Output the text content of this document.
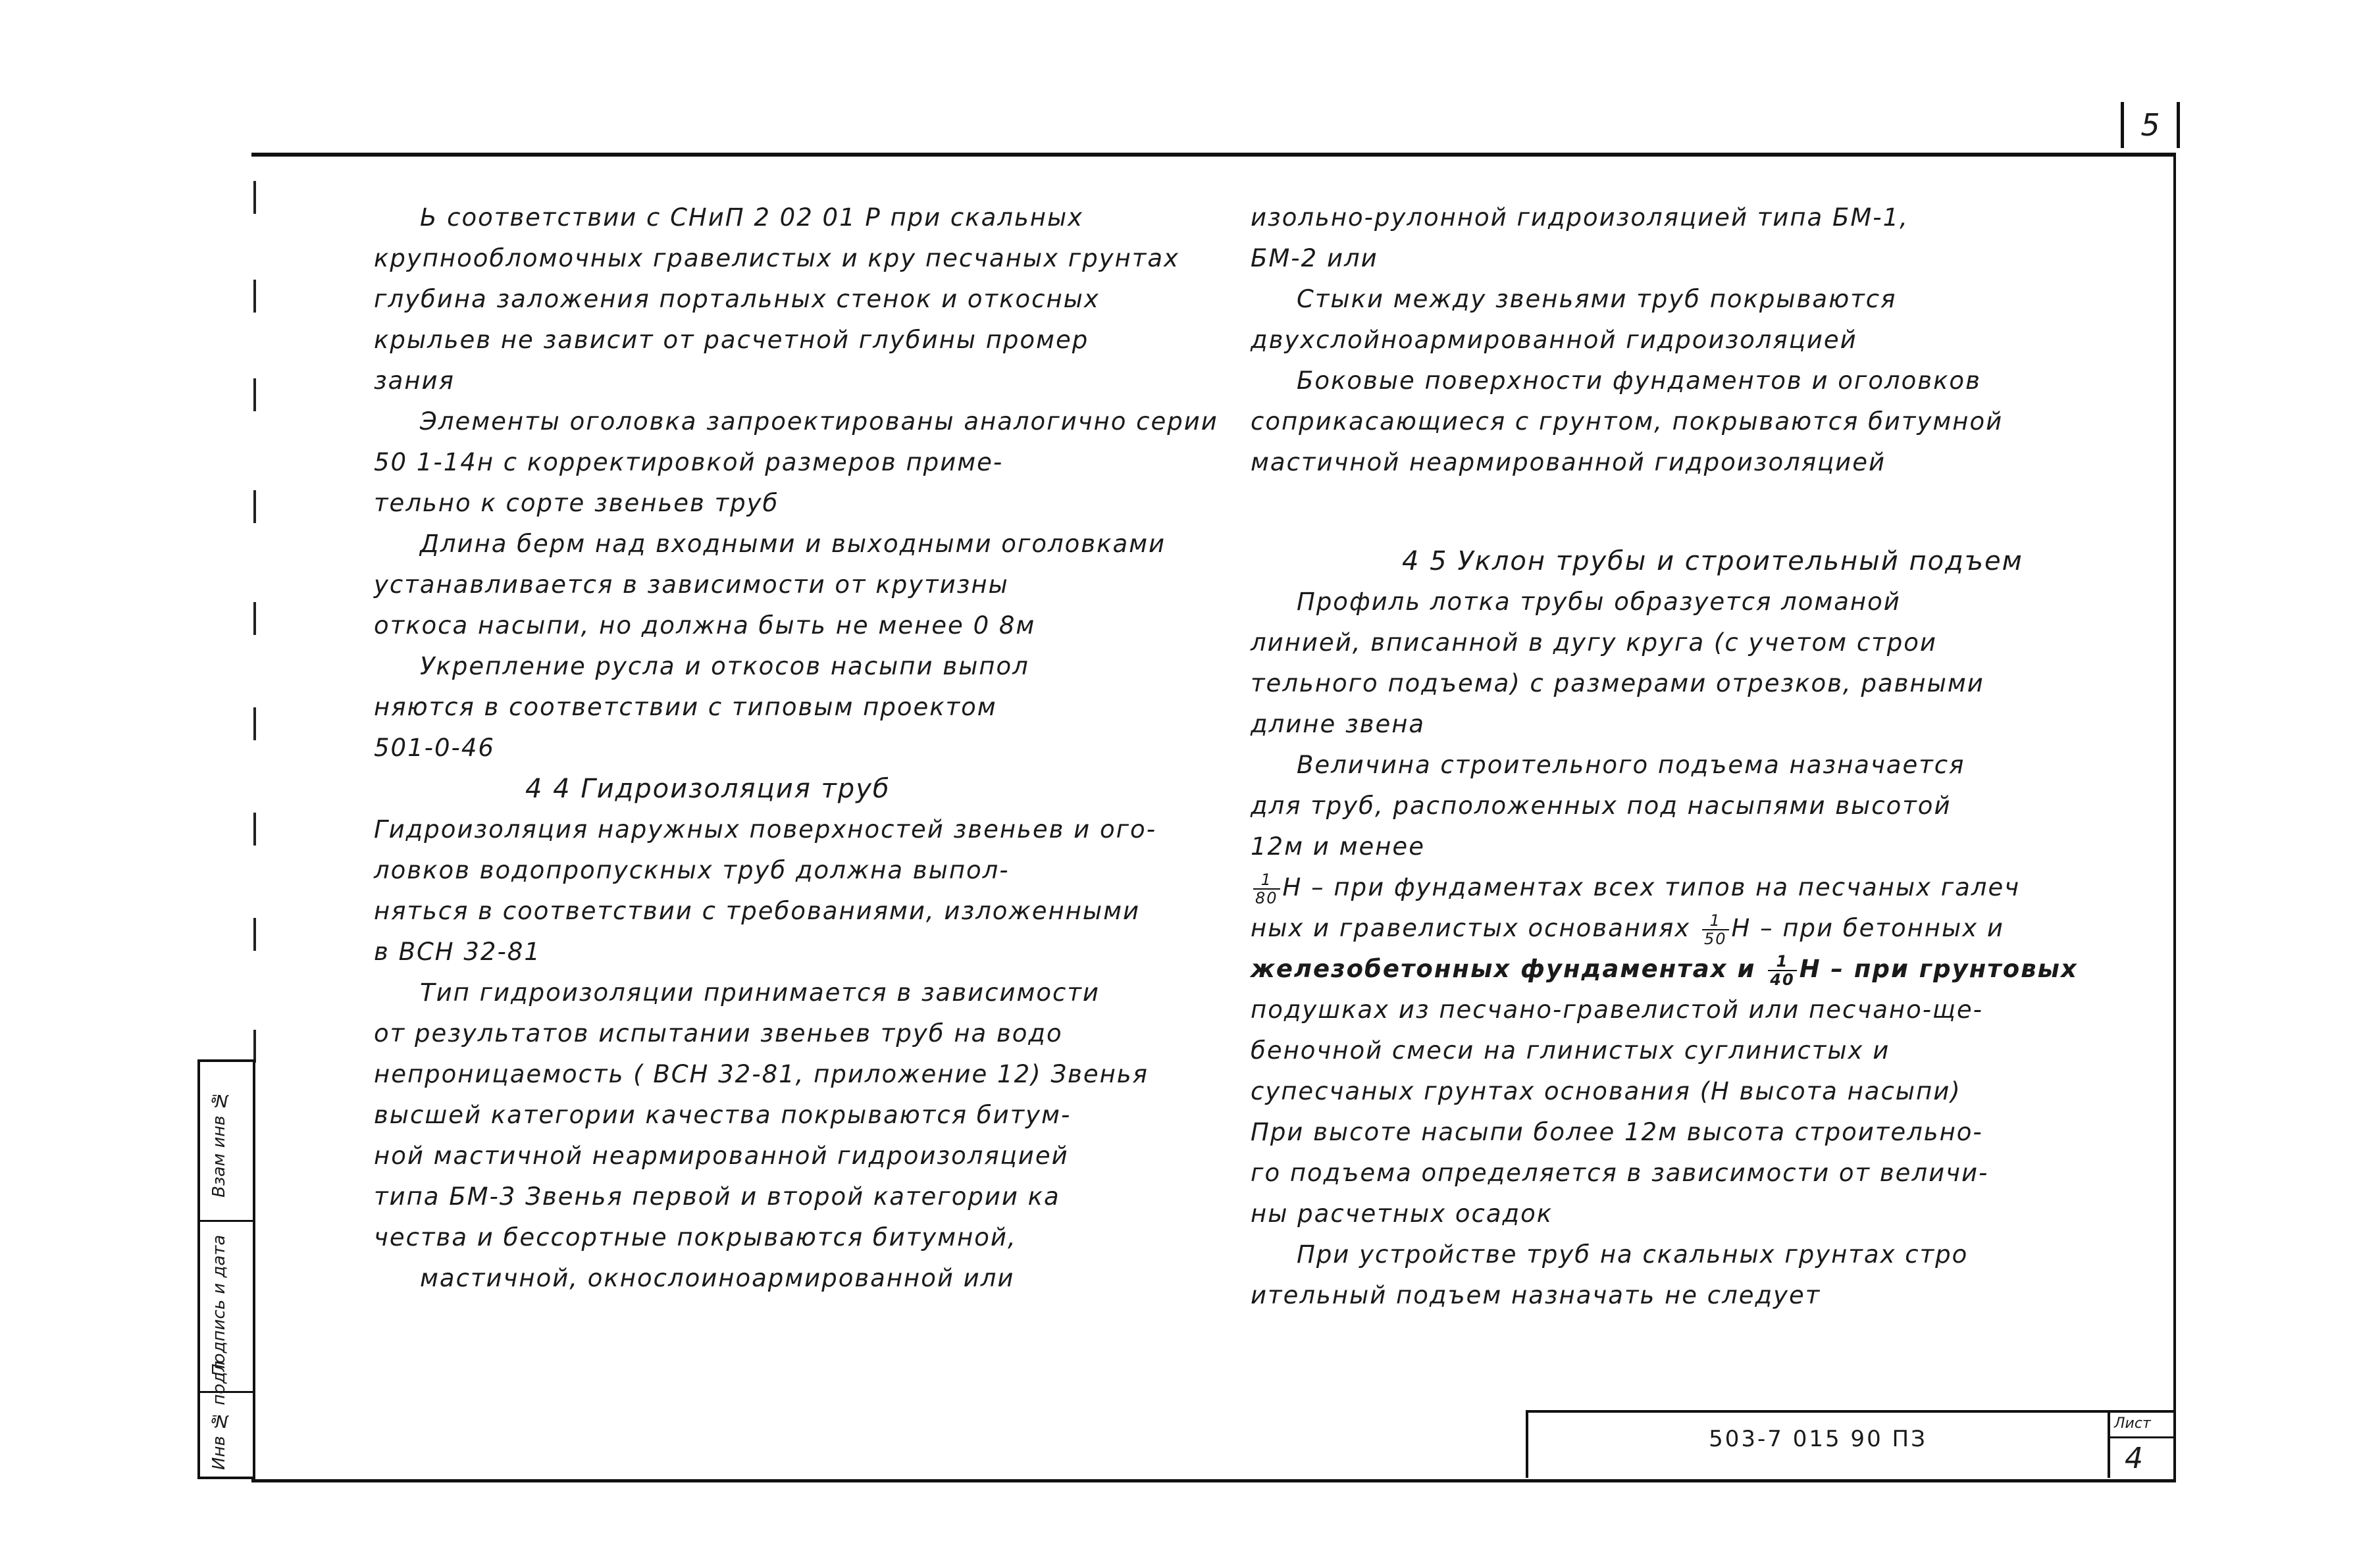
5
Ь соответствии с СНиП 2 02 01 Р при скальных
крупнообломочных гравелистых и кру песчаных грунтах
глубина заложения портальных стенок и откосных
крыльев не зависит от расчетной глубины промер
зания
Элементы оголовка запроектированы аналогично серии
50 1-14н с корректировкой размеров приме-
тельно к сорте звеньев труб
Длина берм над входными и выходными оголовками
устанавливается в зависимости от крутизны
откоса насыпи, но должна быть не менее 0 8м
Укрепление русла и откосов насыпи выпол
няются в соответствии с типовым проектом
501-0-46
4 4 Гидроизоляция труб
Гидроизоляция наружных поверхностей звеньев и ого-
ловков водопропускных труб должна выпол-
няться в соответствии с требованиями, изложенными
в ВСН 32-81
Тип гидроизоляции принимается в зависимости
от результатов испытании звеньев труб на водо
непроницаемость ( ВСН 32-81, приложение 12) Звенья
высшей категории качества покрываются битум-
ной мастичной неармированной гидроизоляцией
типа БМ-3 Звенья первой и второй категории ка
чества и бессортные покрываются битумной,
мастичной, окнослоиноармированной или
изольно-рулонной гидроизоляцией типа БМ-1,
БМ-2 или
Стыки между звеньями труб покрываются
двухслойноармированной гидроизоляцией
Боковые поверхности фундаментов и оголовков
соприкасающиеся с грунтом, покрываются битумной
мастичной неармированной гидроизоляцией
4 5 Уклон трубы и строительный подъем
Профиль лотка трубы образуется ломаной
линией, вписанной в дугу круга (с учетом строи
тельного подъема) с размерами отрезков, равными
длине звена
Величина строительного подъема назначается
для труб, расположенных под насыпями высотой
12м и менее
$\frac{1}{80}$ Н – при фундаментах всех типов на песчаных галеч
ных и гравелистых основаниях $\frac{1}{50}$ Н – при бетонных и
железобетонных фундаментах и $\frac{1}{40}$ Н – при грунтовых
подушках из песчано-гравелистой или песчано-ще-
беночной смеси на глинистых суглинистых и
супесчаных грунтах основания (Н высота насыпи)
При высоте насыпи более 12м высота строительно-
го подъема определяется в зависимости от величи-
ны расчетных осадок
При устройстве труб на скальных грунтах стро
ительный подъем назначать не следует
Взам инв №
Подпись и дата
Инв № подл	503-7 015 90 ПЗ
Лист
4
